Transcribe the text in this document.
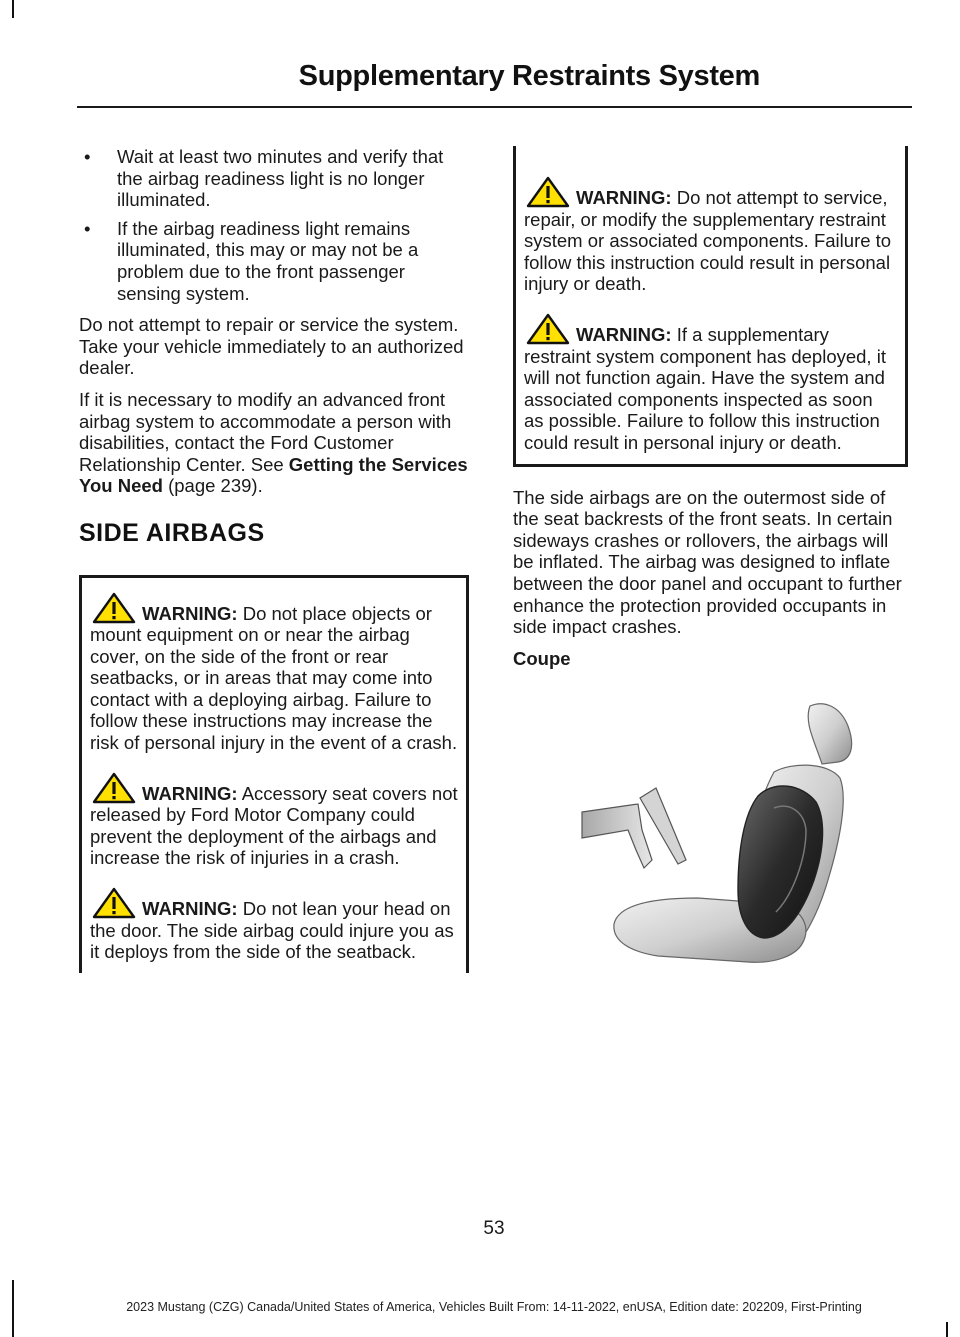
Supplementary Restraints System
• Wait at least two minutes and verify that the airbag readiness light is no longer illuminated.
• If the airbag readiness light remains illuminated, this may or may not be a problem due to the front passenger sensing system.

Do not attempt to repair or service the system. Take your vehicle immediately to an authorized dealer.

If it is necessary to modify an advanced front airbag system to accommodate a person with disabilities, contact the Ford Customer Relationship Center. See Getting the Services You Need (page 239).

SIDE AIRBAGS
WARNING: Do not place objects or mount equipment on or near the airbag cover, on the side of the front or rear seatbacks, or in areas that may come into contact with a deploying airbag. Failure to follow these instructions may increase the risk of personal injury in the event of a crash.
WARNING: Accessory seat covers not released by Ford Motor Company could prevent the deployment of the airbags and increase the risk of injuries in a crash.
WARNING: Do not lean your head on the door. The side airbag could injure you as it deploys from the side of the seatback.
WARNING: Do not attempt to service, repair, or modify the supplementary restraint system or associated components. Failure to follow this instruction could result in personal injury or death.
WARNING: If a supplementary restraint system component has deployed, it will not function again. Have the system and associated components inspected as soon as possible. Failure to follow this instruction could result in personal injury or death.

The side airbags are on the outermost side of the seat backrests of the front seats. In certain sideways crashes or rollovers, the airbags will be inflated. The airbag was designed to inflate between the door panel and occupant to further enhance the protection provided occupants in side impact crashes.

Coupe

53
2023 Mustang (CZG) Canada/United States of America, Vehicles Built From: 14-11-2022, enUSA, Edition date: 202209, First-Printing
